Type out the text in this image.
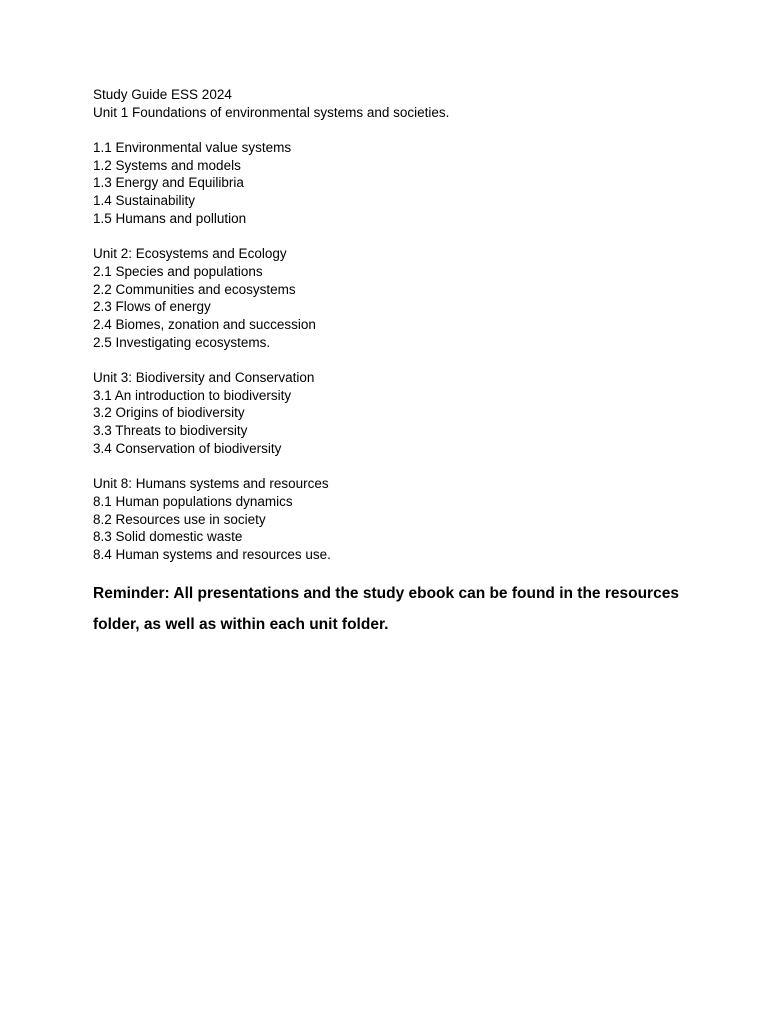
Study Guide ESS 2024
Unit 1 Foundations of environmental systems and societies.
1.1 Environmental value systems
1.2 Systems and models
1.3 Energy and Equilibria
1.4 Sustainability
1.5 Humans and pollution
Unit 2: Ecosystems and Ecology
2.1 Species and populations
2.2 Communities and ecosystems
2.3 Flows of energy
2.4 Biomes, zonation and succession
2.5 Investigating ecosystems.
Unit 3: Biodiversity and Conservation
3.1 An introduction to biodiversity
3.2 Origins of biodiversity
3.3 Threats to biodiversity
3.4 Conservation of biodiversity
Unit 8: Humans systems and resources
8.1 Human populations dynamics
8.2 Resources use in society
8.3 Solid domestic waste
8.4 Human systems and resources use.
Reminder: All presentations and the study ebook can be found in the resources folder, as well as within each unit folder.
